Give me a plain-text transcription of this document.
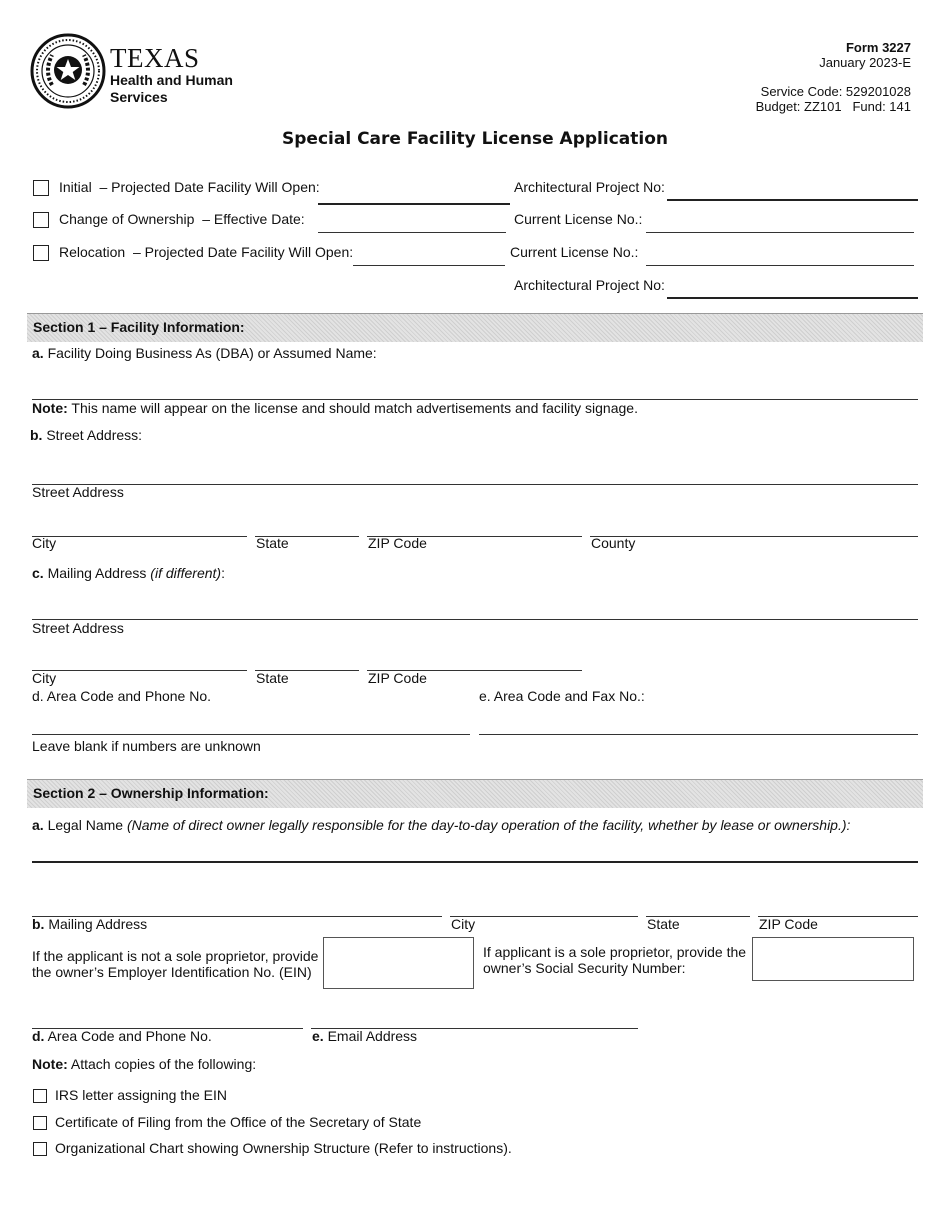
TEXAS
Health and Human
Services
Form 3227
January 2023-E
Service Code: 529201028
Budget: ZZ101 Fund: 141
Special Care Facility License Application
Initial – Projected Date Facility Will Open:	Architectural Project No:
Change of Ownership – Effective Date:	Current License No.:
Relocation – Projected Date Facility Will Open:	Current License No.:
Architectural Project No:
Section 1 – Facility Information:
a. Facility Doing Business As (DBA) or Assumed Name:
Note: This name will appear on the license and should match advertisements and facility signage.
b. Street Address:
Street Address
City	State	ZIP Code	County
c. Mailing Address (if different):
Street Address
City	State	ZIP Code
d. Area Code and Phone No.	e. Area Code and Fax No.:
Leave blank if numbers are unknown
Section 2 – Ownership Information:
a. Legal Name (Name of direct owner legally responsible for the day-to-day operation of the facility, whether by lease or ownership.):
b. Mailing Address	City	State	ZIP Code
If the applicant is not a sole proprietor, provide
the owner’s Employer Identification No. (EIN)
If applicant is a sole proprietor, provide the
owner’s Social Security Number:
d. Area Code and Phone No.	e. Email Address
Note: Attach copies of the following:
IRS letter assigning the EIN
Certificate of Filing from the Office of the Secretary of State
Organizational Chart showing Ownership Structure (Refer to instructions).
